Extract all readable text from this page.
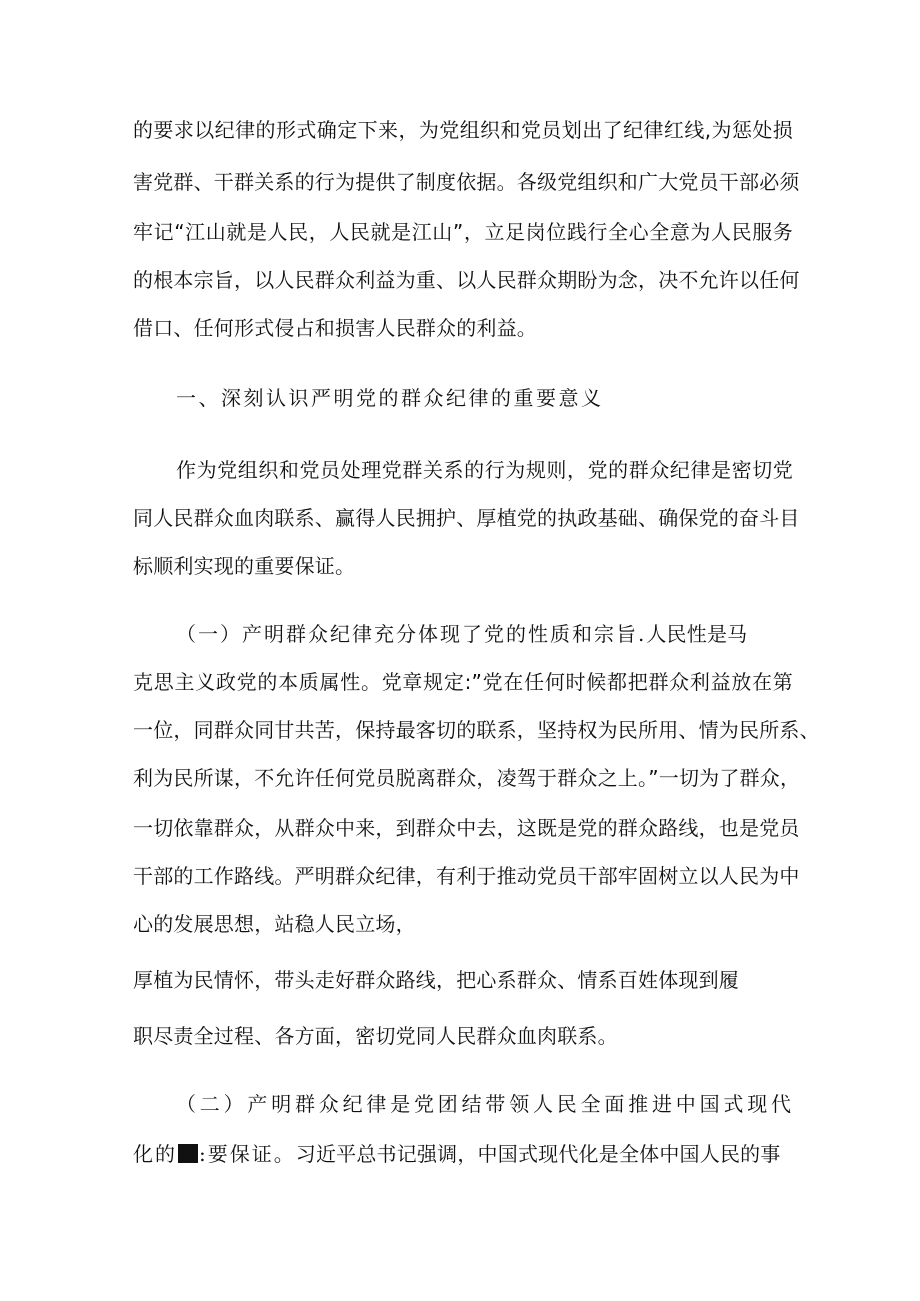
的要求以纪律的形式确定下来，为党组织和党员划出了纪律红线,为惩处损
害党群、干群关系的行为提供了制度依据。各级党组织和广大党员干部必须
牢记“江山就是人民，人民就是江山”，立足岗位践行全心全意为人民服务
的根本宗旨，以人民群众利益为重、以人民群众期盼为念，决不允许以任何
借口、任何形式侵占和损害人民群众的利益。
一、深刻认识严明党的群众纪律的重要意义
作为党组织和党员处理党群关系的行为规则，党的群众纪律是密切党
同人民群众血肉联系、赢得人民拥护、厚植党的执政基础、确保党的奋斗目
标顺利实现的重要保证。
（一）产明群众纪律充分体现了党的性质和宗旨.人民性是马
克思主义政党的本质属性。党章规定:”党在任何时候都把群众利益放在第
一位，同群众同甘共苦，保持最客切的联系，坚持权为民所用、情为民所系、
利为民所谋，不允许任何党员脱离群众，凌驾于群众之上。”一切为了群众，
一切依靠群众，从群众中来，到群众中去，这既是党的群众路线，也是党员
干部的工作路线。严明群众纪律，有利于推动党员干部牢固树立以人民为中
心的发展思想，站稳人民立场，
厚植为民情怀，带头走好群众路线，把心系群众、情系百姓体现到履
职尽责全过程、各方面，密切党同人民群众血肉联系。
（二）产明群众纪律是党团结带领人民全面推进中国式现代
化的 :要保证。习近平总书记强调，中国式现代化是全体中国人民的事
